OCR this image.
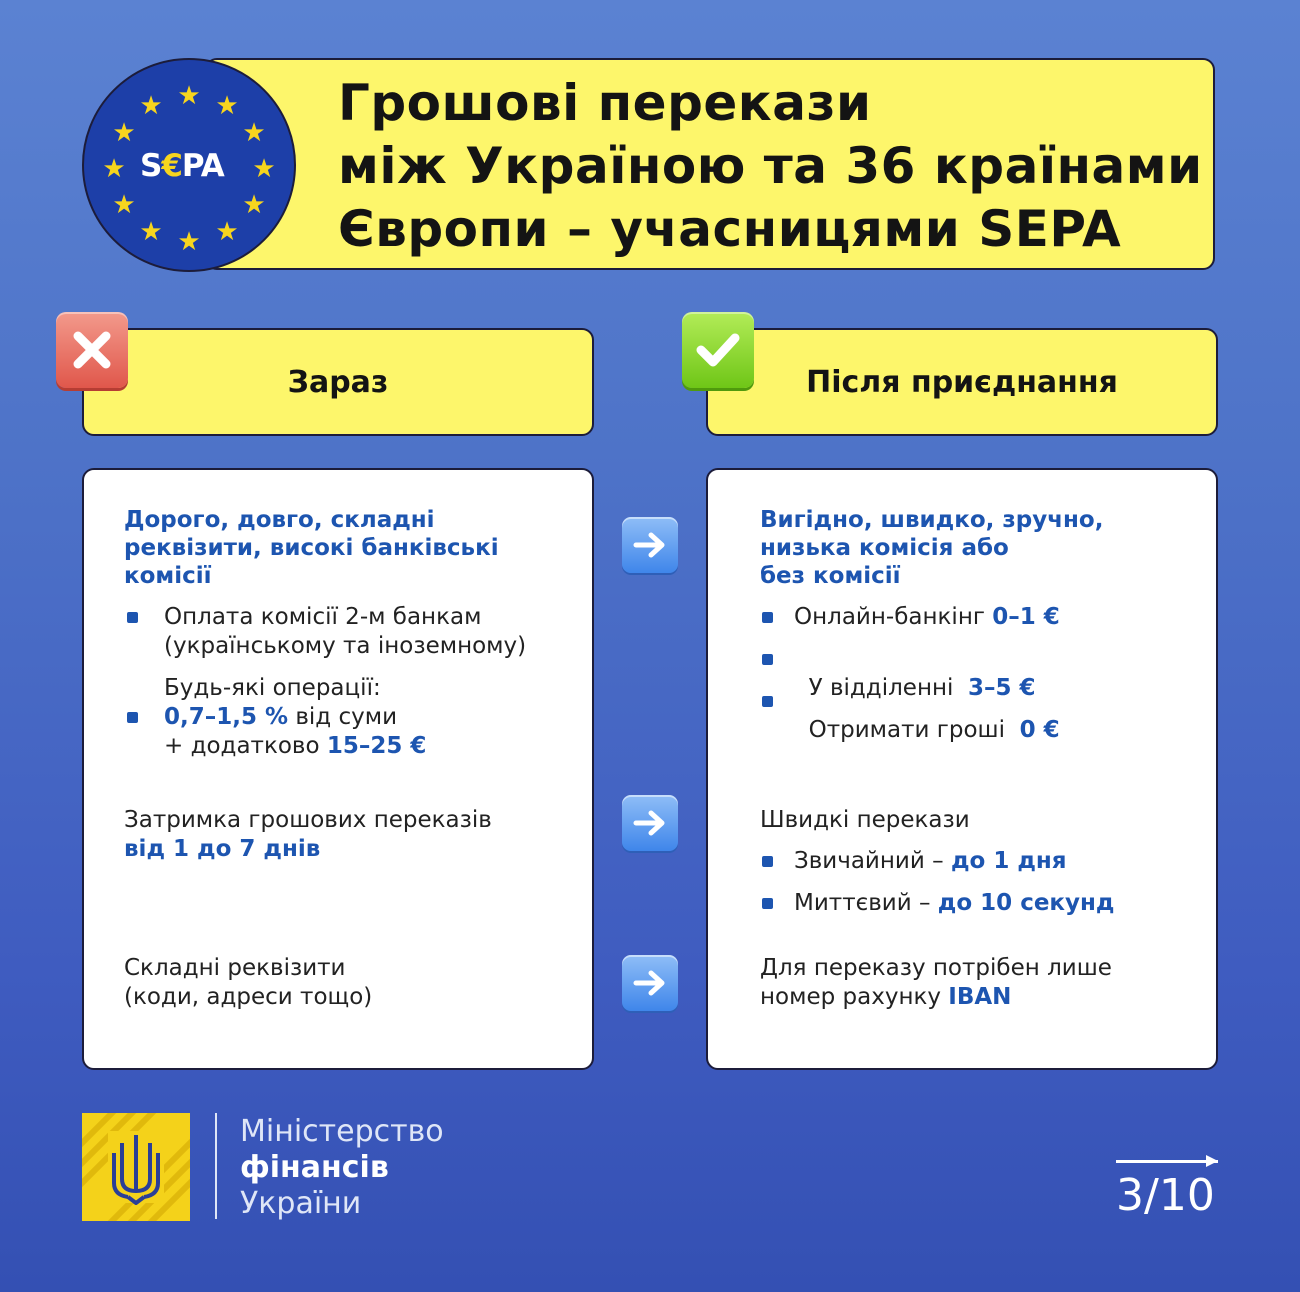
Грошові перекази
між Україною та 36 країнами
Європи – учасницями SEPA
★ ★
★
★
★
★
★
★
★
★
★
★
S€PA
Зараз	Після приєднання
Дорого, довго, складні
реквізити, високі банківські
комісії
Оплата комісії 2-м банкам
(українському та іноземному)
Будь-які операції:
0,7–1,5 % від суми
+ додатково 15–25 €
Затримка грошових переказів
від 1 до 7 днів
Складні реквізити
(коди, адреси тощо)
Вигідно, швидко, зручно,
низька комісія або
без комісії
Онлайн-банкінг 0–1 €

У відділенні  3–5 €

Отримати гроші  0 €

Швидкі перекази
Звичайний – до 1 дня
Миттєвий – до 10 секунд
Для переказу потрібен лише
номер рахунку IBAN
Міністерство
фінансів
України	3/10
